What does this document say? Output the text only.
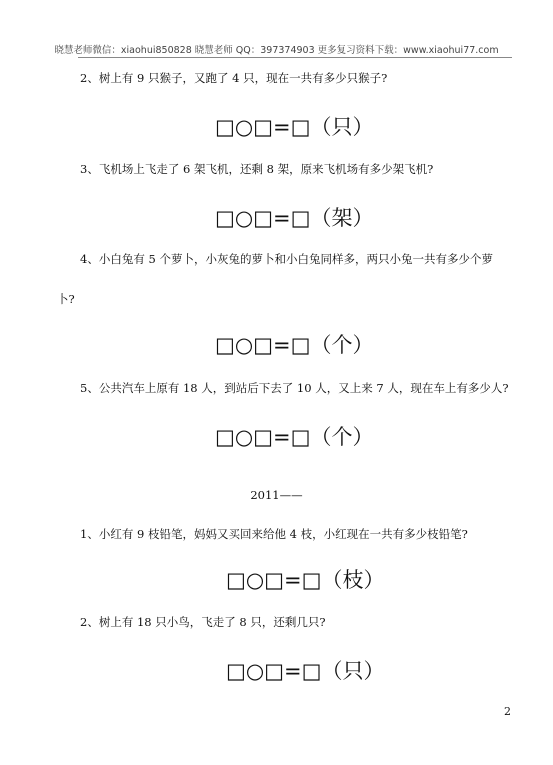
晓慧老师微信：xiaohui850828 晓慧老师 QQ：397374903 更多复习资料下载：www.xiaohui77.com
2、树上有 9 只猴子，又跑了 4 只，现在一共有多少只猴子?
□○□=□（只）
3、飞机场上飞走了 6 架飞机，还剩 8 架，原来飞机场有多少架飞机?
□○□=□（架）
4、小白兔有 5 个萝卜，小灰兔的萝卜和小白兔同样多，两只小兔一共有多少个萝
卜?
□○□=□（个）
5、公共汽车上原有 18 人，到站后下去了 10 人，又上来 7 人，现在车上有多少人?
□○□=□（个）
2011——
1、小红有 9 枝铅笔，妈妈又买回来给他 4 枝，小红现在一共有多少枝铅笔?
□○□=□（枝）
2、树上有 18 只小鸟，飞走了 8 只，还剩几只?
□○□=□（只）
2
